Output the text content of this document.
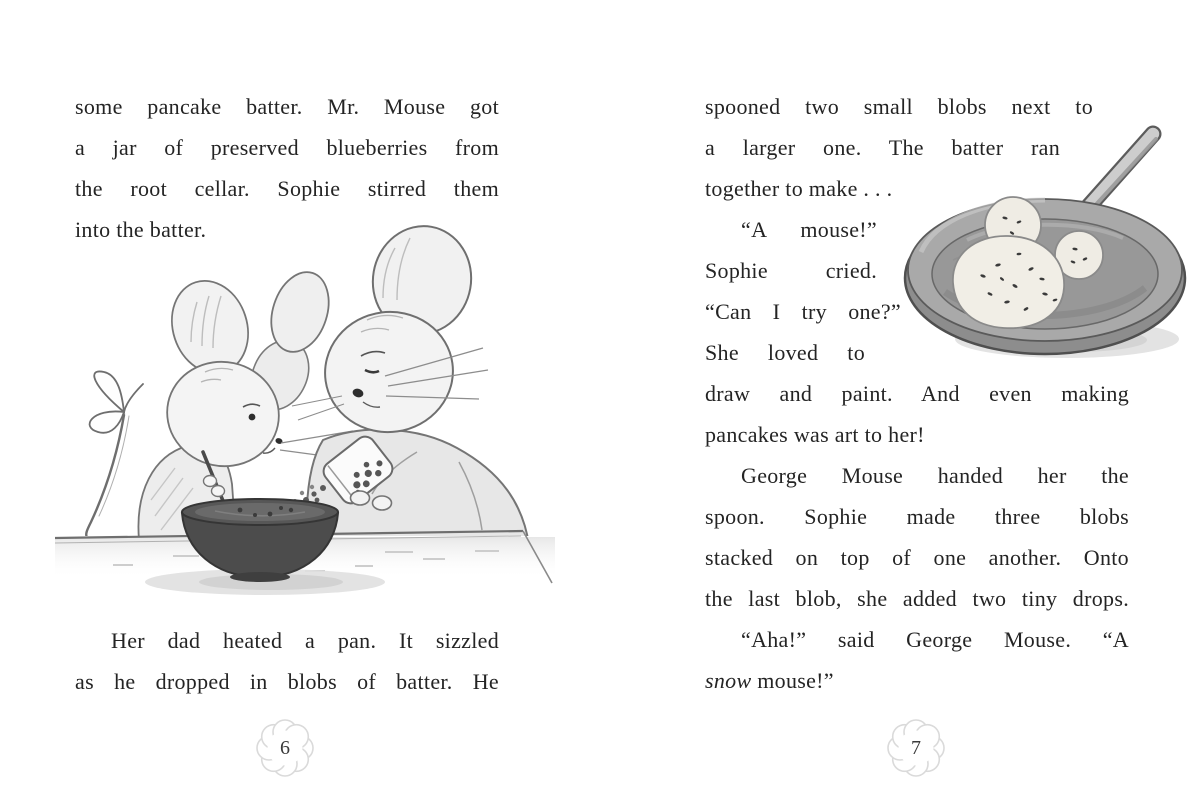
some pancake batter. Mr. Mouse got
a jar of preserved blueberries from
the root cellar. Sophie stirred them
into the batter.
Her dad heated a pan. It sizzled
as he dropped in blobs of batter. He
6
spooned two small blobs next to
a larger one. The batter ran
together to make . . .
“A mouse!”
Sophie cried.
“Can I try one?”
She loved to
draw and paint. And even making
pancakes was art to her!
George Mouse handed her the
spoon. Sophie made three blobs
stacked on top of one another. Onto
the last blob, she added two tiny drops.
“Aha!” said George Mouse. “A
snow mouse!”
7
